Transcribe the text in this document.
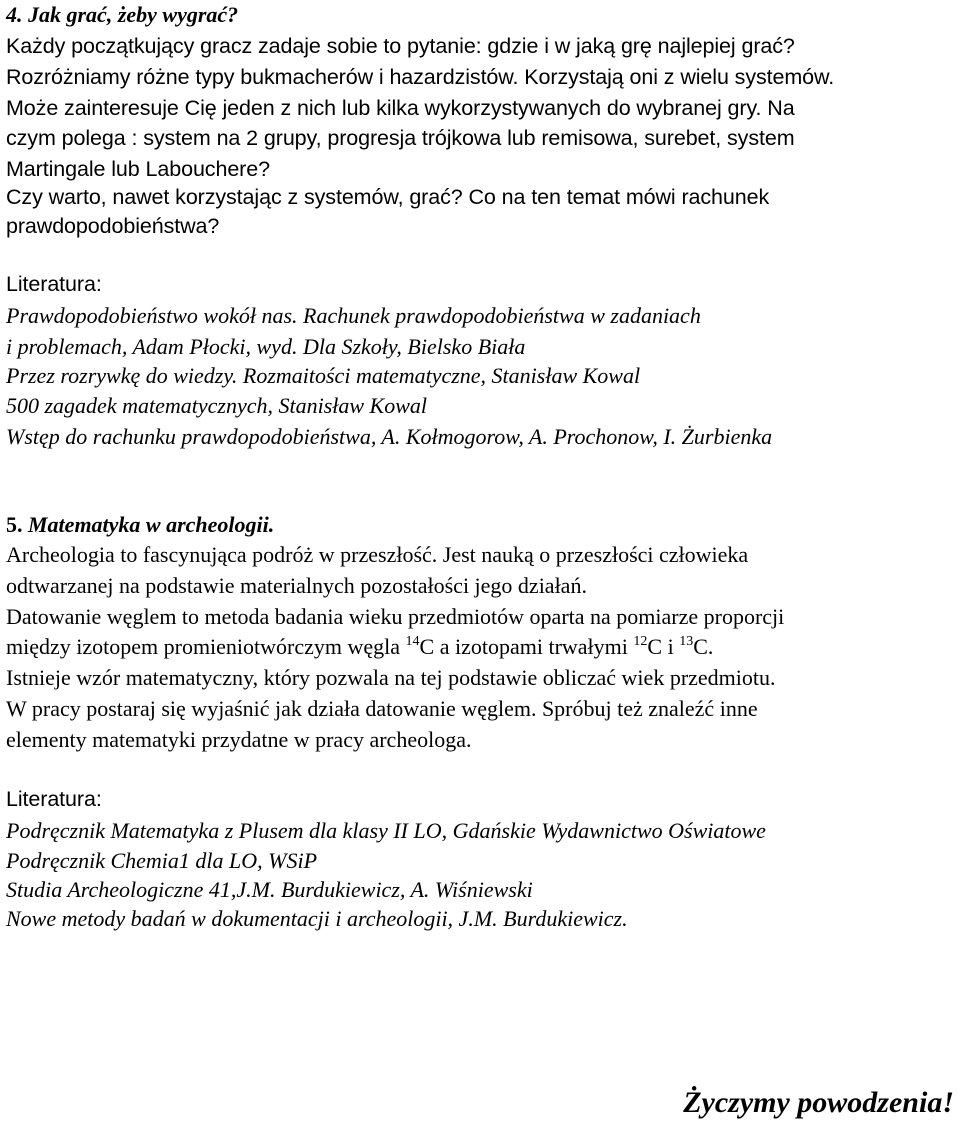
4. Jak grać, żeby wygrać?
Każdy początkujący gracz zadaje sobie to pytanie: gdzie i w jaką grę najlepiej grać?
Rozróżniamy różne typy bukmacherów i hazardzistów. Korzystają oni z wielu systemów.
Może zainteresuje Cię jeden z nich lub kilka wykorzystywanych do wybranej gry. Na
czym polega : system na 2 grupy, progresja trójkowa lub remisowa, surebet, system
Martingale lub Labouchere?
Czy warto, nawet korzystając z systemów, grać? Co na ten temat mówi rachunek
prawdopodobieństwa?
Literatura:
Prawdopodobieństwo wokół nas. Rachunek prawdopodobieństwa w zadaniach
i problemach, Adam Płocki, wyd. Dla Szkoły, Bielsko Biała
Przez rozrywkę do wiedzy. Rozmaitości matematyczne, Stanisław Kowal
500 zagadek matematycznych, Stanisław Kowal
Wstęp do rachunku prawdopodobieństwa, A. Kołmogorow, A. Prochonow, I. Żurbienka
5. Matematyka w archeologii.
Archeologia to fascynująca podróż w przeszłość. Jest nauką o przeszłości człowieka
odtwarzanej na podstawie materialnych pozostałości jego działań.
Datowanie węglem to metoda badania wieku przedmiotów oparta na pomiarze proporcji
między izotopem promieniotwórczym węgla $^{14}$C a izotopami trwałymi $^{12}$C i $^{13}$C.
Istnieje wzór matematyczny, który pozwala na tej podstawie obliczać wiek przedmiotu.
W pracy postaraj się wyjaśnić jak działa datowanie węglem. Spróbuj też znaleźć inne
elementy matematyki przydatne w pracy archeologa.
Literatura:
Podręcznik Matematyka z Plusem dla klasy II LO, Gdańskie Wydawnictwo Oświatowe
Podręcznik Chemia1 dla LO, WSiP
Studia Archeologiczne 41,J.M. Burdukiewicz, A. Wiśniewski
Nowe metody badań w dokumentacji i archeologii, J.M. Burdukiewicz.
Życzymy powodzenia!
